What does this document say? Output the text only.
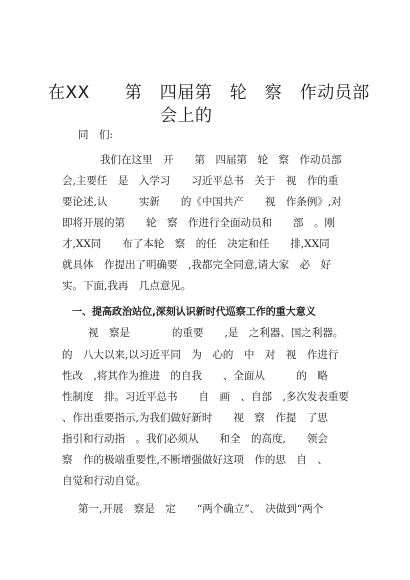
在XX　　第　四届第　轮　察　作动员部
会上的
同　们:
我们在这里　开　　第　四届第　轮　察　作动员部
会,主要任　是　入学习　　习近平总书　关于　视　作的重
要论述,认　　　实新　　的《中国共产　　视　作条例》,对
即将开展的第　　轮　察　作进行全面动员和　　部　。刚
才,XX同　　布了本轮　察　的任　决定和任　　排,XX同
就具体　作提出了明确要　,我都完全同意,请大家　必　好
实。下面,我再　几点意见。
一、提高政治站位,深刻认识新时代巡察工作的重大意义
视　察是　　　　的重要　　,是　之利器、国之利器。
的　八大以来,以习近平同　为　心的　中　对　视　作进行
性改　,将其作为推进　的自我　　、全面从　　　的　略
性制度　排。习近平总书　　自　画　、自部　,多次发表重要
、作出重要指示,为我们做好新时　　视　察　作提　了思
指引和行动指　。我们必须从　　和全　的高度,　　领会
察　作的极端重要性,不断增强做好这项　作的思　自　、
自觉和行动自觉。
第一,开展　察是　定　　“两个确立”、　决做到“两个
